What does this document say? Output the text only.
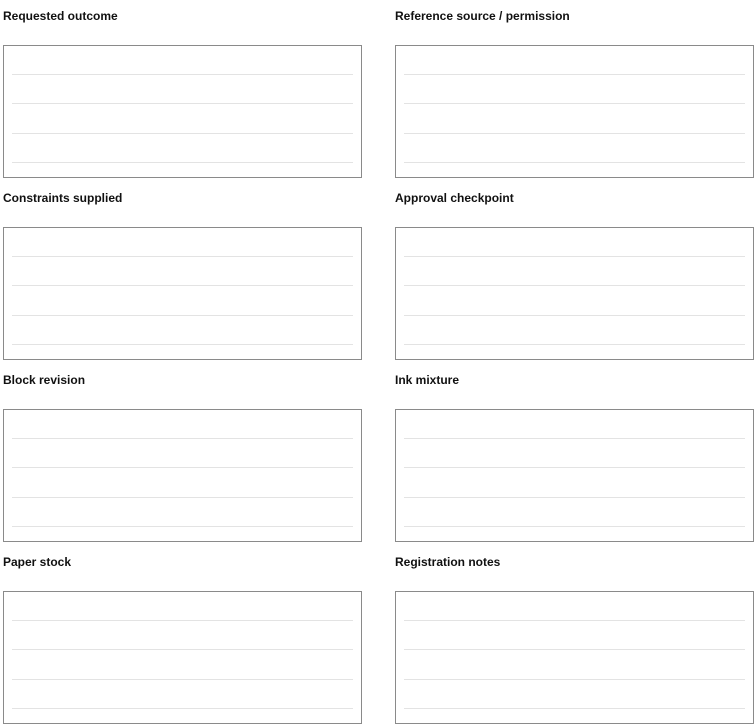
Requested outcome	Reference source / permission
Constraints supplied	Approval checkpoint
Block revision	Ink mixture
Paper stock	Registration notes
